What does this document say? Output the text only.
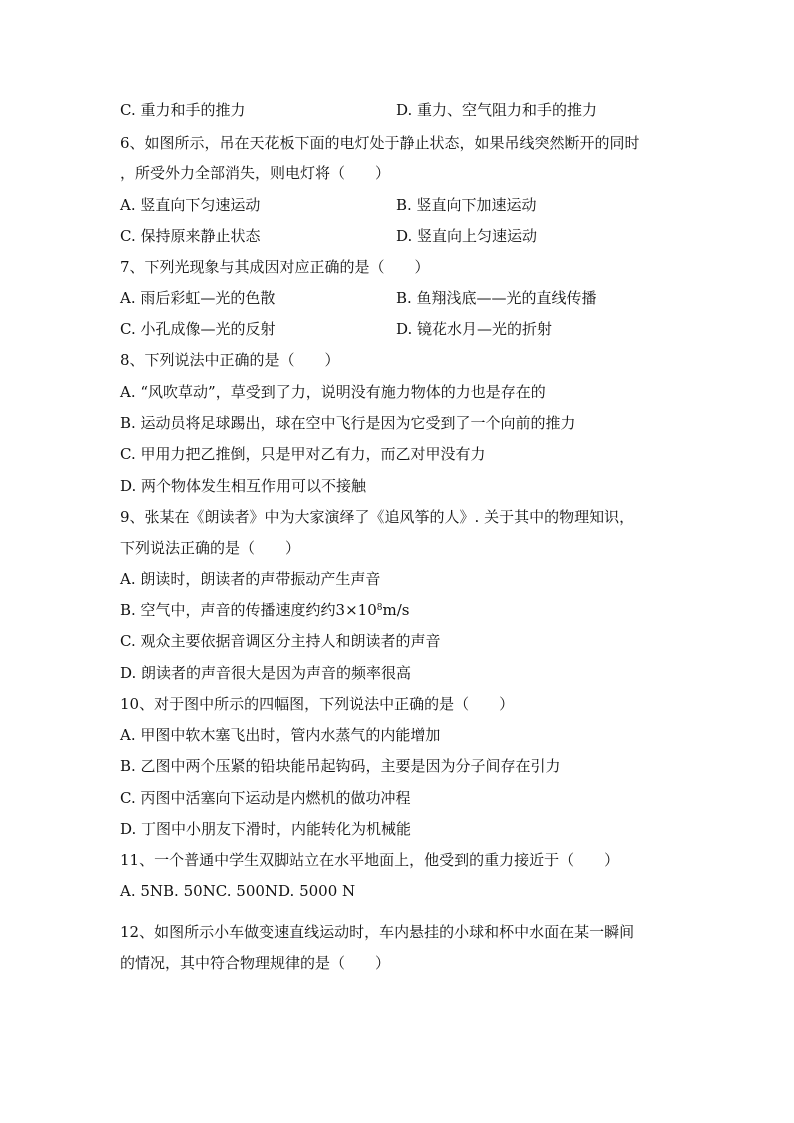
C. 重力和手的推力	D. 重力、空气阻力和手的推力
6、如图所示，吊在天花板下面的电灯处于静止状态，如果吊线突然断开的同时
，所受外力全部消失，则电灯将（　　）
A. 竖直向下匀速运动	B. 竖直向下加速运动
C. 保持原来静止状态	D. 竖直向上匀速运动
7、下列光现象与其成因对应正确的是（　　）
A. 雨后彩虹—光的色散	B. 鱼翔浅底——光的直线传播
C. 小孔成像—光的反射	D. 镜花水月—光的折射
8、下列说法中正确的是（　　）
A. “风吹草动”，草受到了力，说明没有施力物体的力也是存在的
B. 运动员将足球踢出，球在空中飞行是因为它受到了一个向前的推力
C. 甲用力把乙推倒，只是甲对乙有力，而乙对甲没有力
D. 两个物体发生相互作用可以不接触
9、张某在《朗读者》中为大家演绎了《追风筝的人》. 关于其中的物理知识，
下列说法正确的是（　　）
A. 朗读时，朗读者的声带振动产生声音
B. 空气中，声音的传播速度约约$3\times 10^8m/s$
C. 观众主要依据音调区分主持人和朗读者的声音
D. 朗读者的声音很大是因为声音的频率很高
10、对于图中所示的四幅图，下列说法中正确的是（　　）
A. 甲图中软木塞飞出时，管内水蒸气的内能增加
B. 乙图中两个压紧的铅块能吊起钩码，主要是因为分子间存在引力
C. 丙图中活塞向下运动是内燃机的做功冲程
D. 丁图中小朋友下滑时，内能转化为机械能
11、一个普通中学生双脚站立在水平地面上，他受到的重力接近于（　　）
A. 5NB. 50NC. 500ND. 5000 N
12、如图所示小车做变速直线运动时，车内悬挂的小球和杯中水面在某一瞬间
的情况，其中符合物理规律的是（　　）
